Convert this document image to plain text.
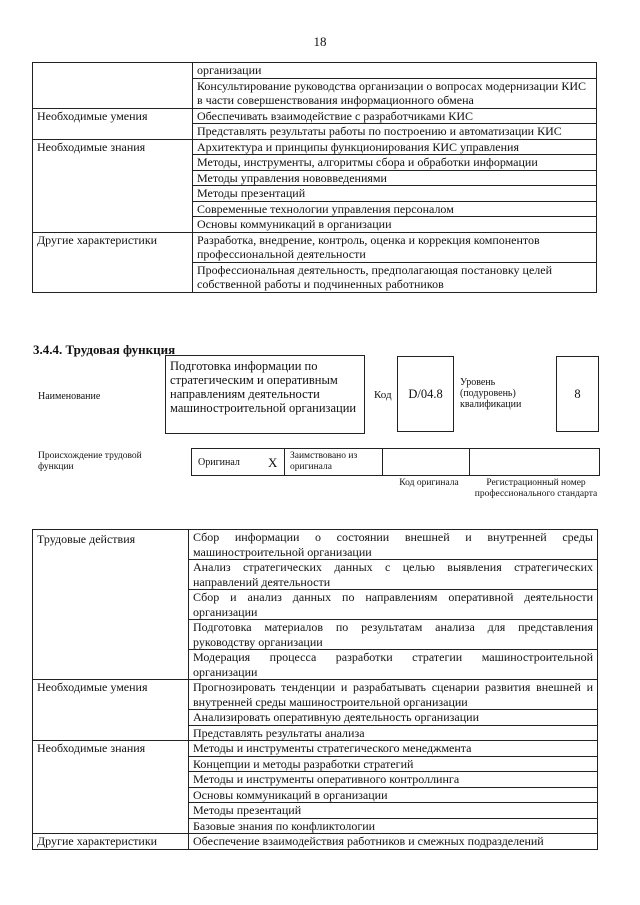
18
	организации
	Консультирование руководства организации о вопросах модернизации КИС в части совершенствования информационного обмена
Необходимые умения	Обеспечивать взаимодействие с разработчиками КИС
	Представлять результаты работы по построению и автоматизации КИС
Необходимые знания	Архитектура и принципы функционирования КИС управления
	Методы, инструменты, алгоритмы сбора и обработки информации
	Методы управления нововведениями
	Методы презентаций
	Современные технологии управления персоналом
	Основы коммуникаций в организации
Другие характеристики	Разработка, внедрение, контроль, оценка и коррекция компонентов профессиональной деятельности
	Профессиональная деятельность, предполагающая постановку целей собственной работы и подчиненных работников
3.4.4. Трудовая функция
Наименование
Подготовка информации по стратегическим и оперативным направлениям деятельности машиностроительной организации
Код	D/04.8
Уровень (подуровень) квалификации
8
Происхождение трудовой функции	Оригинал X Заимствовано из оригинала
Код оригинала	Регистрационный номер профессионального стандарта
Трудовые действия	Сбор информации о состоянии внешней и внутренней среды машиностроительной организации
	Анализ стратегических данных с целью выявления стратегических направлений деятельности
	Сбор и анализ данных по направлениям оперативной деятельности организации
	Подготовка материалов по результатам анализа для представления руководству организации
	Модерация процесса разработки стратегии машиностроительной организации
Необходимые умения	Прогнозировать тенденции и разрабатывать сценарии развития внешней и внутренней среды машиностроительной организации
	Анализировать оперативную деятельность организации
	Представлять результаты анализа
Необходимые знания	Методы и инструменты стратегического менеджмента
	Концепции и методы разработки стратегий
	Методы и инструменты оперативного контроллинга
	Основы коммуникаций в организации
	Методы презентаций
	Базовые знания по конфликтологии
Другие характеристики	Обеспечение взаимодействия работников и смежных подразделений
